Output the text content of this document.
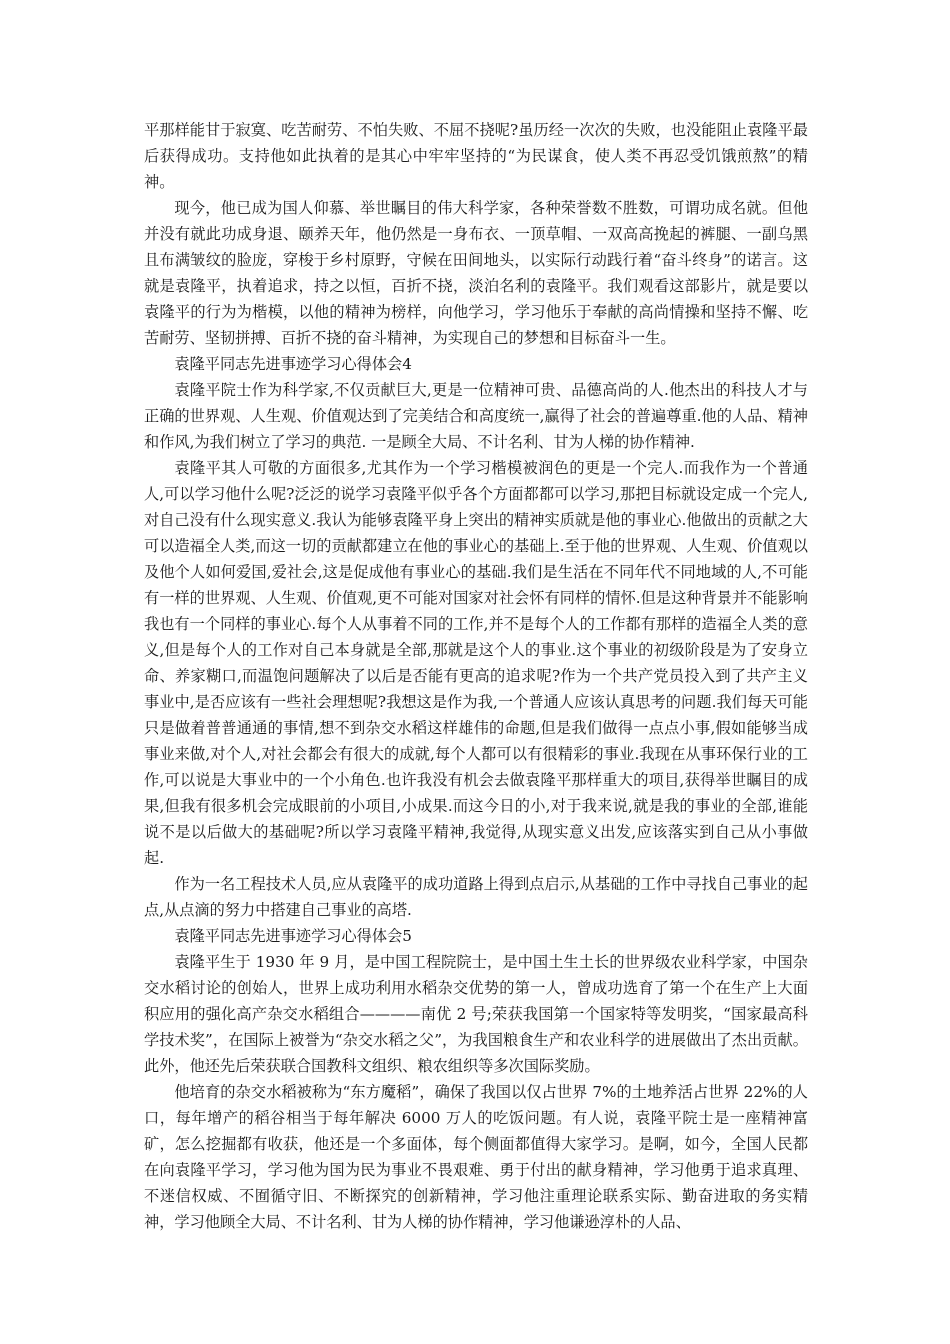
平那样能甘于寂寞、吃苦耐劳、不怕失败、不屈不挠呢?虽历经一次次的失败，也没能阻止袁隆平最后获得成功。支持他如此执着的是其心中牢牢坚持的“为民谋食，使人类不再忍受饥饿煎熬”的精神。

现今，他已成为国人仰慕、举世瞩目的伟大科学家，各种荣誉数不胜数，可谓功成名就。但他并没有就此功成身退、颐养天年，他仍然是一身布衣、一顶草帽、一双高高挽起的裤腿、一副乌黑且布满皱纹的脸庞，穿梭于乡村原野，守候在田间地头，以实际行动践行着“奋斗终身”的诺言。这就是袁隆平，执着追求，持之以恒，百折不挠，淡泊名利的袁隆平。我们观看这部影片，就是要以袁隆平的行为为楷模，以他的精神为榜样，向他学习，学习他乐于奉献的高尚情操和坚持不懈、吃苦耐劳、坚韧拼搏、百折不挠的奋斗精神，为实现自己的梦想和目标奋斗一生。

袁隆平同志先进事迹学习心得体会4

袁隆平院士作为科学家,不仅贡献巨大,更是一位精神可贵、品德高尚的人.他杰出的科技人才与正确的世界观、人生观、价值观达到了完美结合和高度统一,赢得了社会的普遍尊重.他的人品、精神和作风,为我们树立了学习的典范. 一是顾全大局、不计名利、甘为人梯的协作精神.

袁隆平其人可敬的方面很多,尤其作为一个学习楷模被润色的更是一个完人.而我作为一个普通人,可以学习他什么呢?泛泛的说学习袁隆平似乎各个方面都都可以学习,那把目标就设定成一个完人,对自己没有什么现实意义.我认为能够袁隆平身上突出的精神实质就是他的事业心.他做出的贡献之大可以造福全人类,而这一切的贡献都建立在他的事业心的基础上.至于他的世界观、人生观、价值观以及他个人如何爱国,爱社会,这是促成他有事业心的基础.我们是生活在不同年代不同地域的人,不可能有一样的世界观、人生观、价值观,更不可能对国家对社会怀有同样的情怀.但是这种背景并不能影响我也有一个同样的事业心.每个人从事着不同的工作,并不是每个人的工作都有那样的造福全人类的意义,但是每个人的工作对自己本身就是全部,那就是这个人的事业.这个事业的初级阶段是为了安身立命、养家糊口,而温饱问题解决了以后是否能有更高的追求呢?作为一个共产党员投入到了共产主义事业中,是否应该有一些社会理想呢?我想这是作为我,一个普通人应该认真思考的问题.我们每天可能只是做着普普通通的事情,想不到杂交水稻这样雄伟的命题,但是我们做得一点点小事,假如能够当成事业来做,对个人,对社会都会有很大的成就,每个人都可以有很精彩的事业.我现在从事环保行业的工作,可以说是大事业中的一个小角色.也许我没有机会去做袁隆平那样重大的项目,获得举世瞩目的成果,但我有很多机会完成眼前的小项目,小成果.而这今日的小,对于我来说,就是我的事业的全部,谁能说不是以后做大的基础呢?所以学习袁隆平精神,我觉得,从现实意义出发,应该落实到自己从小事做起.

作为一名工程技术人员,应从袁隆平的成功道路上得到点启示,从基础的工作中寻找自己事业的起点,从点滴的努力中搭建自己事业的高塔.

袁隆平同志先进事迹学习心得体会5

袁隆平生于 1930 年 9 月，是中国工程院院士，是中国土生土长的世界级农业科学家，中国杂交水稻讨论的创始人，世界上成功利用水稻杂交优势的第一人，曾成功选育了第一个在生产上大面积应用的强化高产杂交水稻组合————南优 2 号;荣获我国第一个国家特等发明奖，“国家最高科学技术奖”，在国际上被誉为“杂交水稻之父”，为我国粮食生产和农业科学的进展做出了杰出贡献。此外，他还先后荣获联合国教科文组织、粮农组织等多次国际奖励。

他培育的杂交水稻被称为“东方魔稻”，确保了我国以仅占世界 7%的土地养活占世界 22%的人口，每年增产的稻谷相当于每年解决 6000 万人的吃饭问题。有人说，袁隆平院士是一座精神富矿，怎么挖掘都有收获，他还是一个多面体，每个侧面都值得大家学习。是啊，如今，全国人民都在向袁隆平学习，学习他为国为民为事业不畏艰难、勇于付出的献身精神，学习他勇于追求真理、不迷信权威、不囿循守旧、不断探究的创新精神，学习他注重理论联系实际、勤奋进取的务实精神，学习他顾全大局、不计名利、甘为人梯的协作精神，学习他谦逊淳朴的人品、
